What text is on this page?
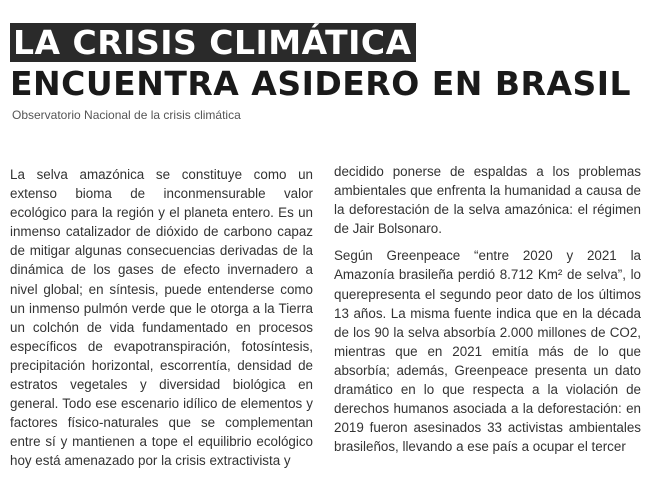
LA CRISIS CLIMÁTICA ENCUENTRA ASIDERO EN BRASIL
Observatorio Nacional de la crisis climática

La selva amazónica se constituye como un extenso bioma de inconmensurable valor ecológico para la región y el planeta entero. Es un inmenso catalizador de dióxido de carbono capaz de mitigar algunas consecuencias derivadas de la dinámica de los gases de efecto invernadero a nivel global; en síntesis, puede entenderse como un inmenso pulmón verde que le otorga a la Tierra un colchón de vida fundamentado en procesos específicos de evapotranspiración, fotosíntesis, precipitación horizontal, escorrentía, densidad de estratos vegetales y diversidad biológica en general. Todo ese escenario idílico de elementos y factores físico-naturales que se complementan entre sí y mantienen a tope el equilibrio ecológico hoy está amenazado por la crisis extractivista y

decidido ponerse de espaldas a los problemas ambientales que enfrenta la humanidad a causa de la deforestación de la selva amazónica: el régimen de Jair Bolsonaro.

Según Greenpeace “entre 2020 y 2021 la Amazonía brasileña perdió 8.712 Km² de selva”, lo querepresenta el segundo peor dato de los últimos 13 años. La misma fuente indica que en la década de los 90 la selva absorbía 2.000 millones de CO2, mientras que en 2021 emitía más de lo que absorbía; además, Greenpeace presenta un dato dramático en lo que respecta a la violación de derechos humanos asociada a la deforestación: en 2019 fueron asesinados 33 activistas ambientales brasileños, llevando a ese país a ocupar el tercer
